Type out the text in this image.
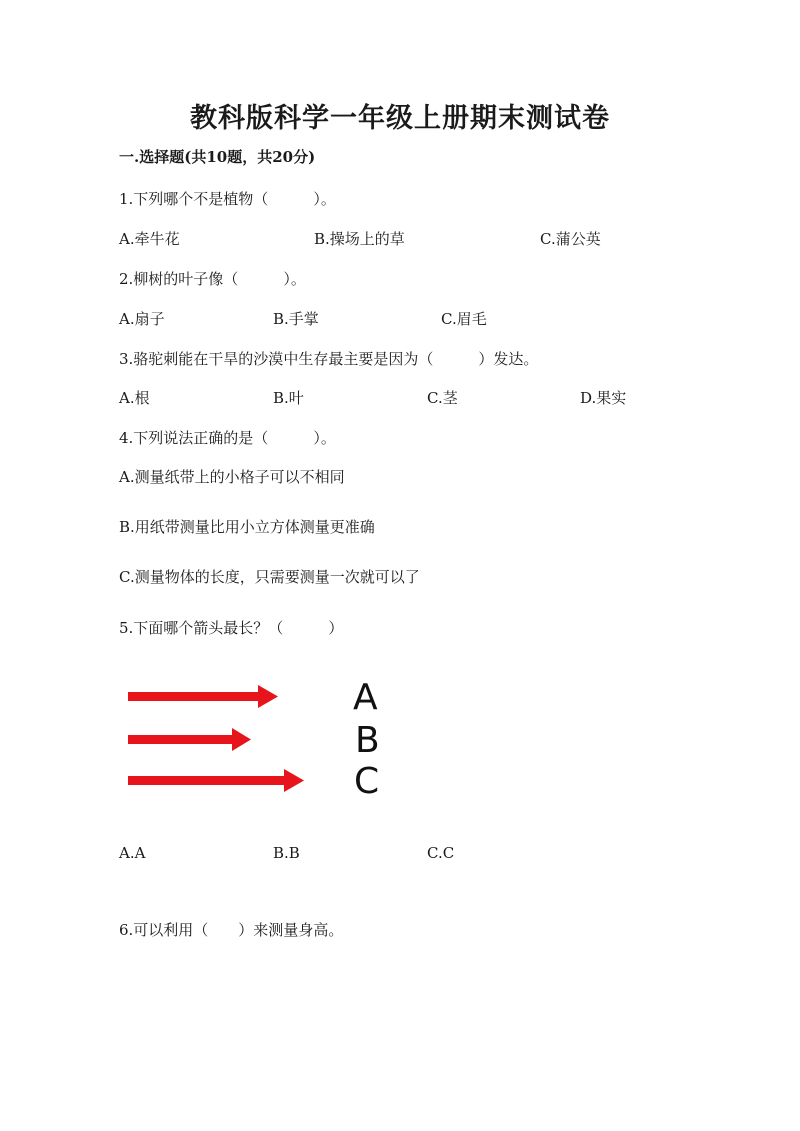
教科版科学一年级上册期末测试卷
一.选择题(共10题，共20分)
1.下列哪个不是植物（　　　）。
A.牵牛花	B.操场上的草	C.蒲公英
2.柳树的叶子像（　　　）。
A.扇子	B.手掌	C.眉毛
3.骆驼刺能在干旱的沙漠中生存最主要是因为（　　　）发达。
A.根	B.叶	C.茎	D.果实
4.下列说法正确的是（　　　）。
A.测量纸带上的小格子可以不相同
B.用纸带测量比用小立方体测量更准确
C.测量物体的长度，只需要测量一次就可以了
5.下面哪个箭头最长？（　　　）
A
B
C
A.A	B.B	C.C
6.可以利用（　　）来测量身高。
